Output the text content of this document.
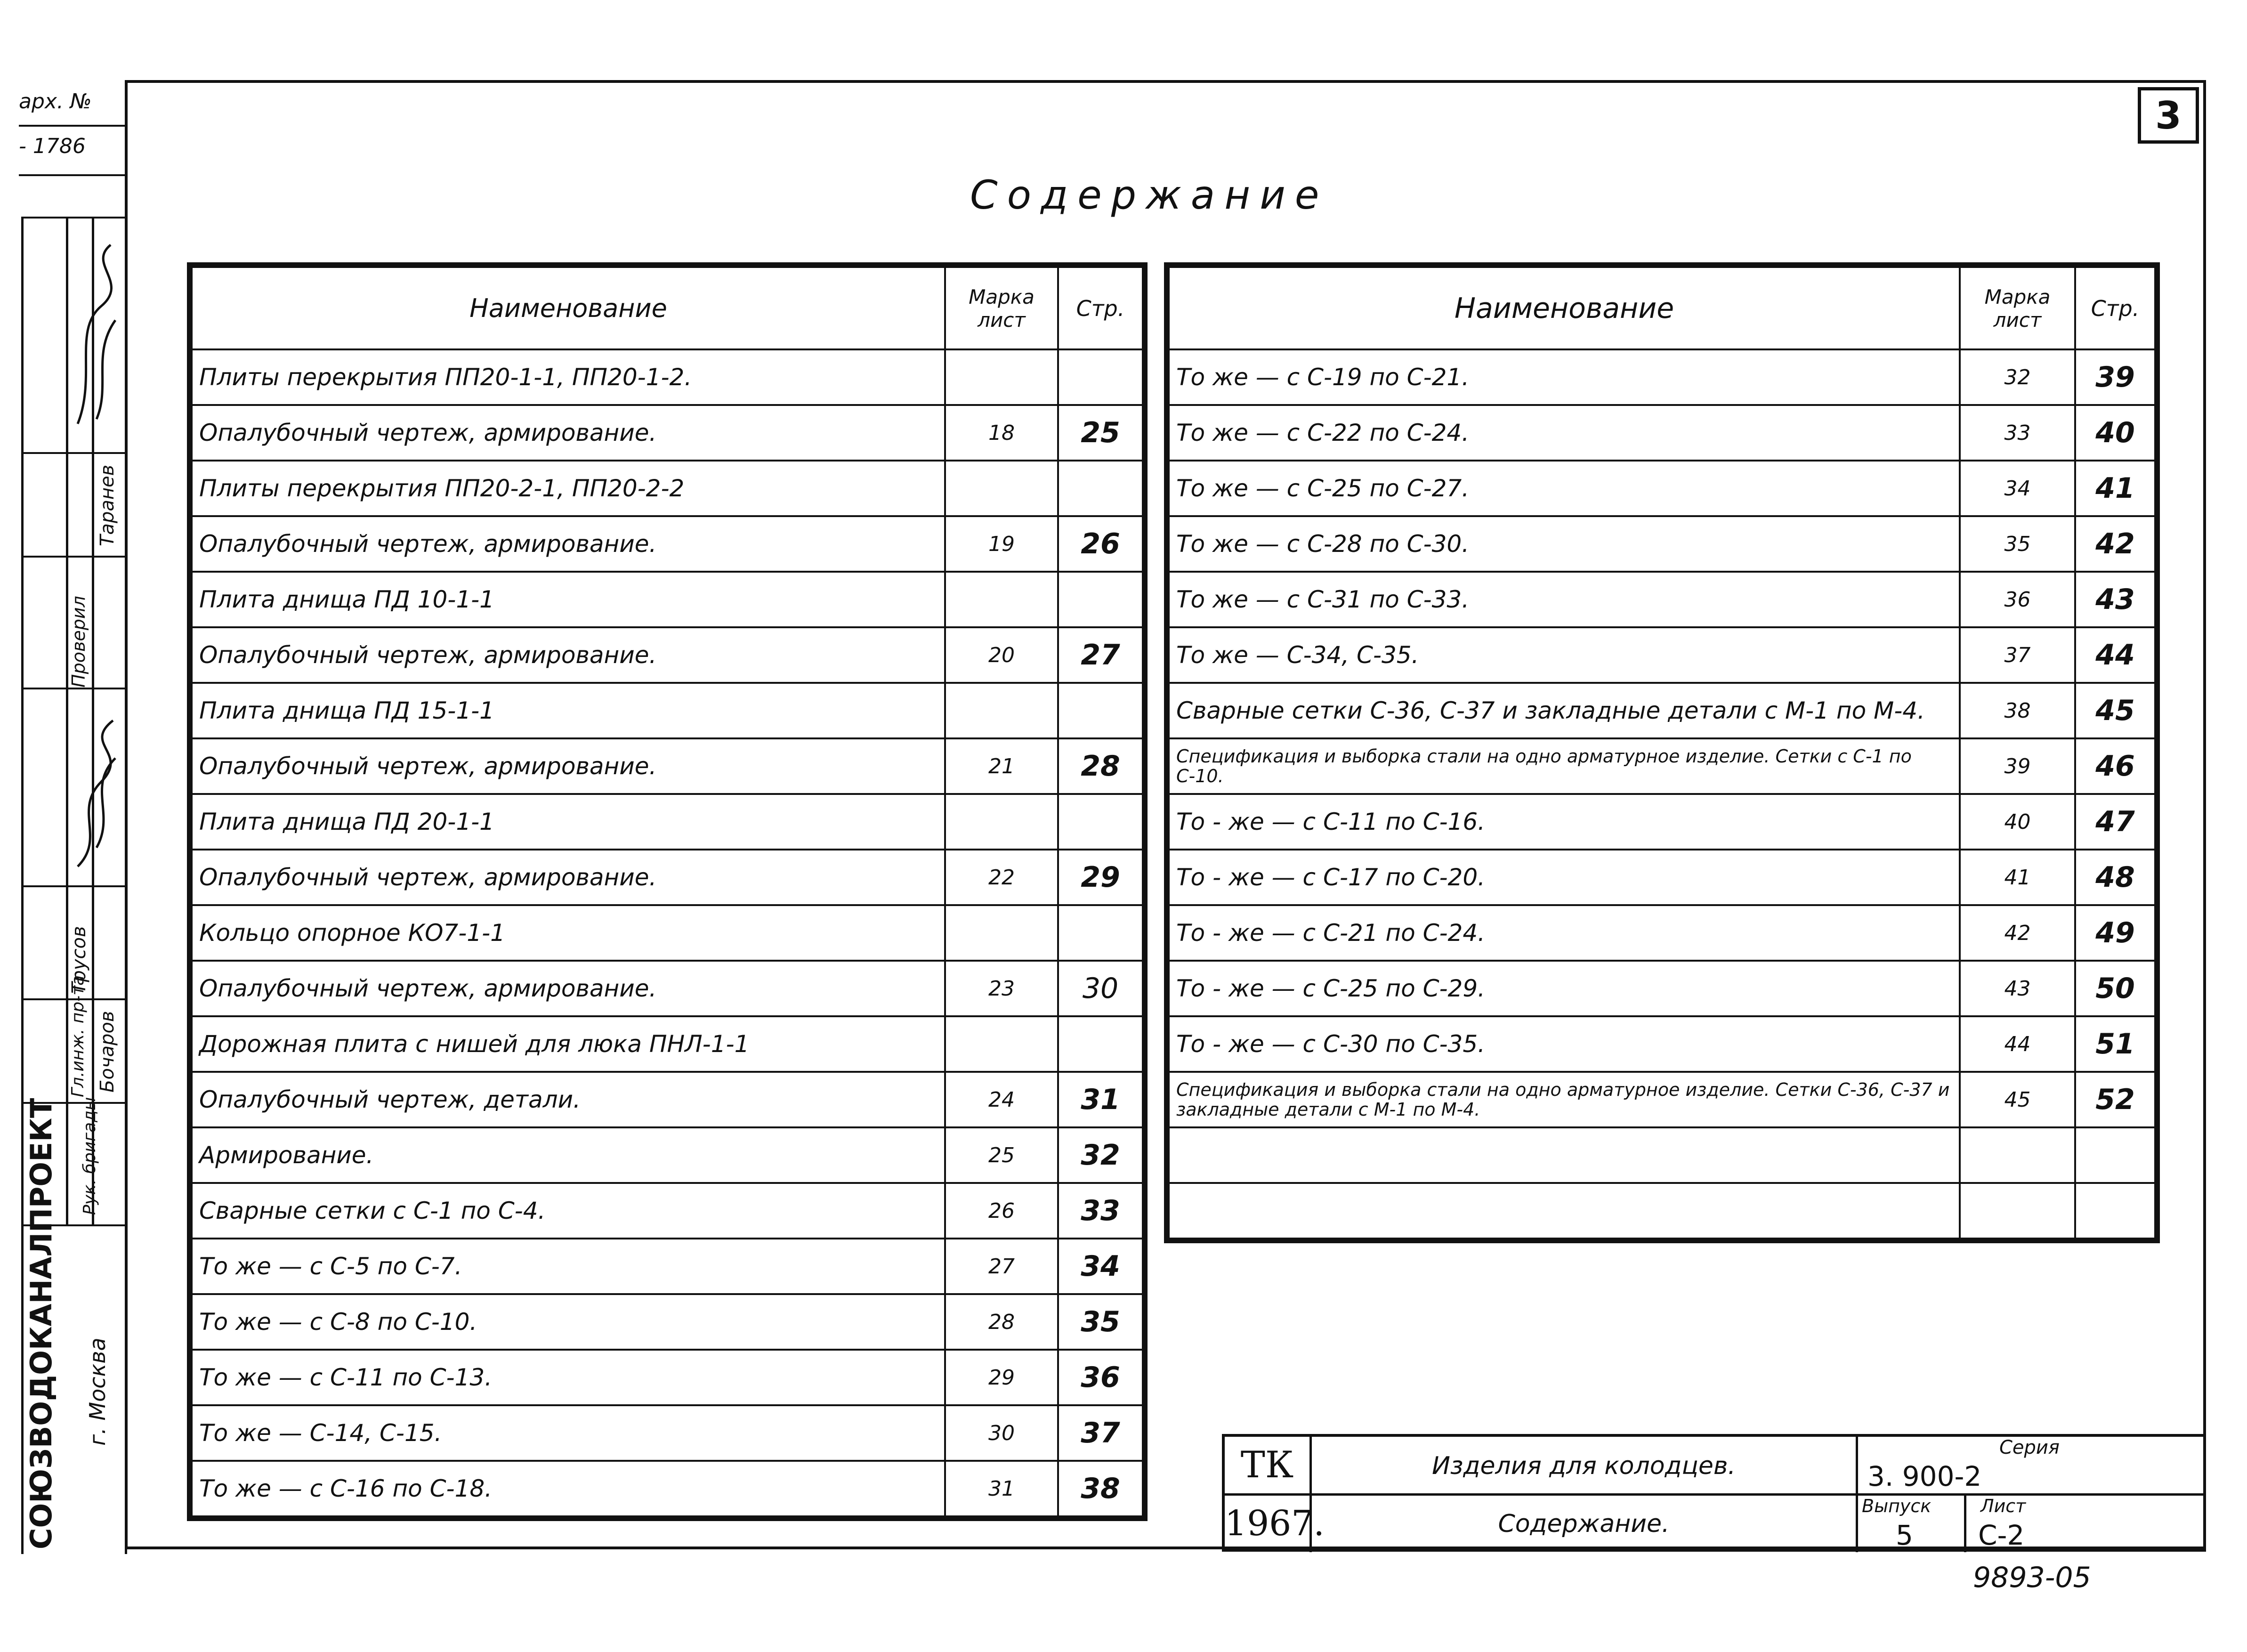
3
арх. №
- 1786
СОЮЗВОДОКАНАЛПРОЕКТ г. Москва
Рук. бригады
Гл.инж. пр-та
Проверил
Бочаров
Трусов
Таранев
Содержание
Наименование	Марка лист	Стр.
Плиты перекрытия ПП20-1-1, ПП20-1-2.		
Опалубочный чертеж, армирование.	18	25
Плиты перекрытия ПП20-2-1, ПП20-2-2		
Опалубочный чертеж, армирование.	19	26
Плита днища ПД 10-1-1		
Опалубочный чертеж, армирование.	20	27
Плита днища ПД 15-1-1		
Опалубочный чертеж, армирование.	21	28
Плита днища ПД 20-1-1		
Опалубочный чертеж, армирование.	22	29
Кольцо опорное КО7-1-1		
Опалубочный чертеж, армирование.	23	30
Дорожная плита с нишей для люка ПНЛ-1-1		
Опалубочный чертеж, детали.	24	31
Армирование.	25	32
Сварные сетки с С-1 по С-4.	26	33
То же — с С-5 по С-7.	27	34
То же — с С-8 по С-10.	28	35
То же — с С-11 по С-13.	29	36
То же — С-14, С-15.	30	37
То же — с С-16 по С-18.	31	38
Наименование	Марка лист	Стр.
То же — с С-19 по С-21.	32	39
То же — с С-22 по С-24.	33	40
То же — с С-25 по С-27.	34	41
То же — с С-28 по С-30.	35	42
То же — с С-31 по С-33.	36	43
То же — С-34, С-35.	37	44
Сварные сетки С-36, С-37 и закладные детали с М-1 по М-4.	38	45
Спецификация и выборка стали на одно арматурное изделие. Сетки с С-1 по С-10.	39	46
То - же — с С-11 по С-16.	40	47
То - же — с С-17 по С-20.	41	48
То - же — с С-21 по С-24.	42	49
То - же — с С-25 по С-29.	43	50
То - же — с С-30 по С-35.	44	51
Спецификация и выборка стали на одно арматурное изделие. Сетки С-36, С-37 и закладные детали с М-1 по М-4.	45	52

ТК
1967.
Изделия для колодцев.
Содержание.
Серия
3. 900-2
Выпуск
5
Лист
С-2
9893-05
